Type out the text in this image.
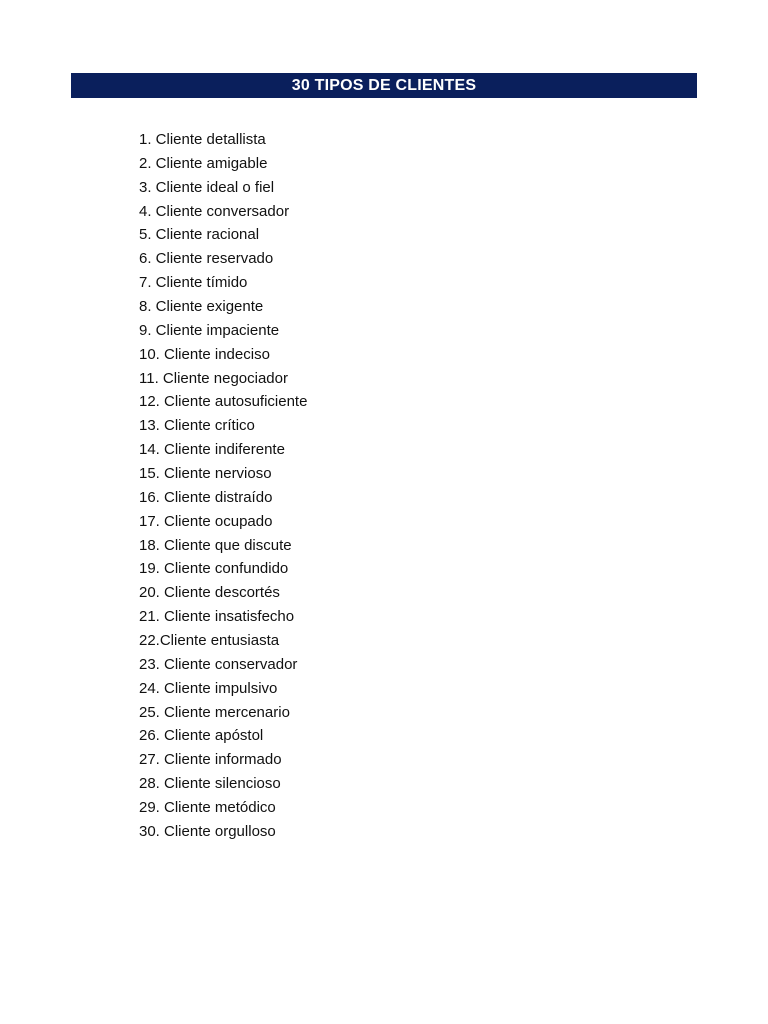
30 TIPOS DE CLIENTES
1. Cliente detallista
2. Cliente amigable
3. Cliente ideal o fiel
4. Cliente conversador
5. Cliente racional
6. Cliente reservado
7. Cliente tímido
8. Cliente exigente
9. Cliente impaciente
10. Cliente indeciso
11. Cliente negociador
12. Cliente autosuficiente
13. Cliente crítico
14. Cliente indiferente
15. Cliente nervioso
16. Cliente distraído
17. Cliente ocupado
18. Cliente que discute
19. Cliente confundido
20. Cliente descortés
21. Cliente insatisfecho
22.Cliente entusiasta
23. Cliente conservador
24. Cliente impulsivo
25. Cliente mercenario
26. Cliente apóstol
27. Cliente informado
28. Cliente silencioso
29. Cliente metódico
30. Cliente orgulloso
